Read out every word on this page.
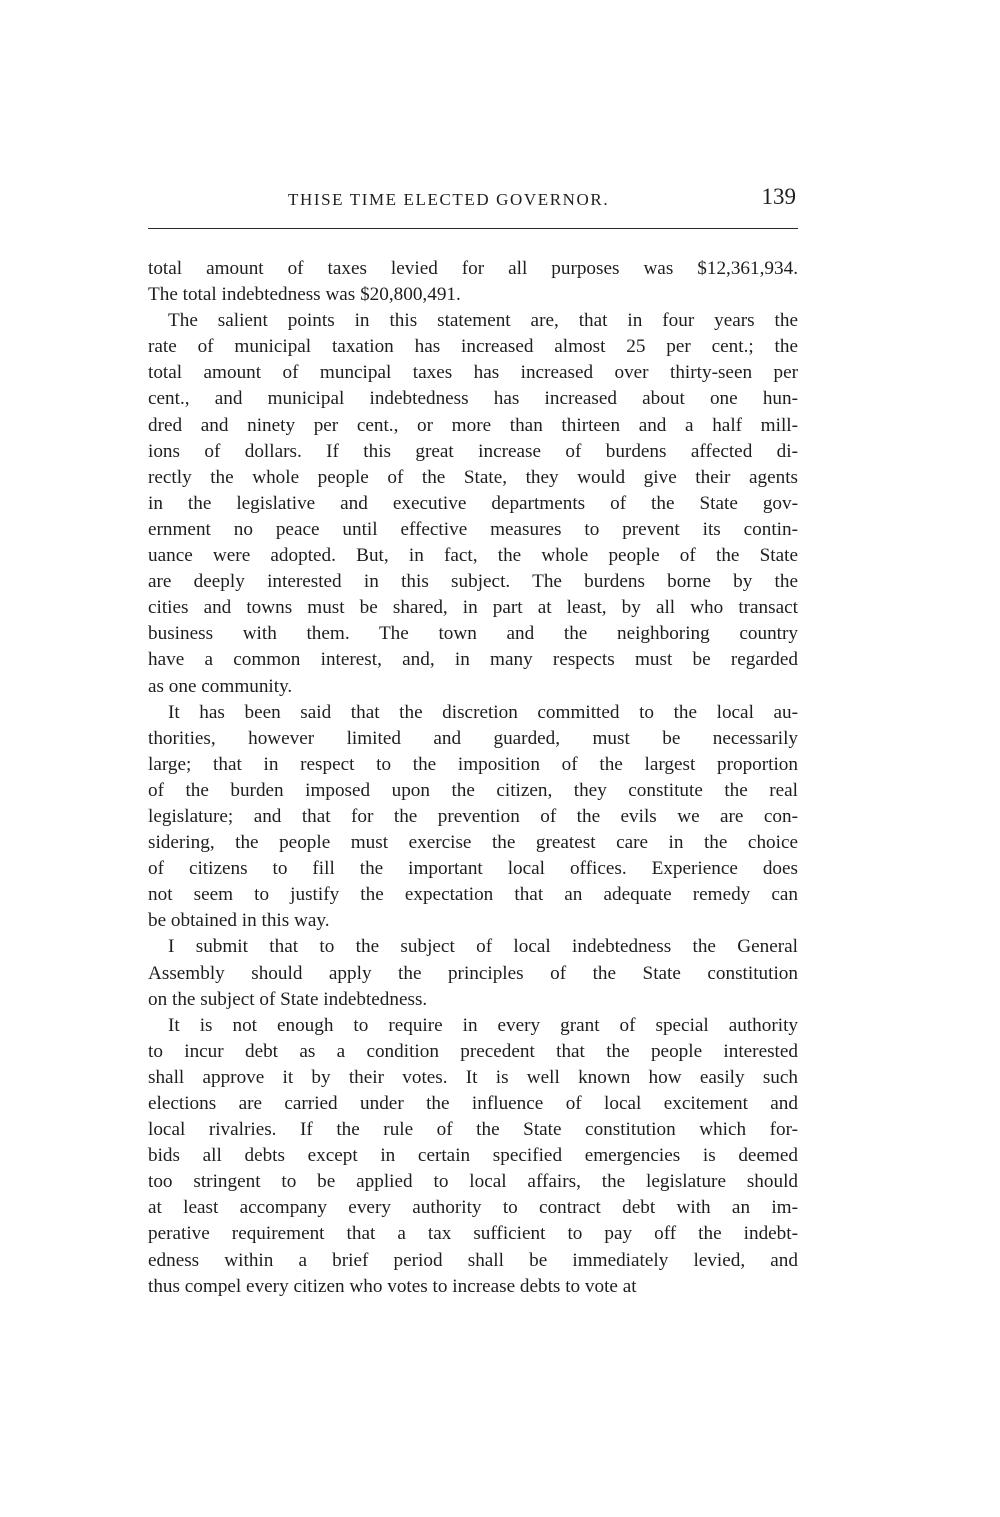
THISE TIME ELECTED GOVERNOR.	139
total amount of taxes levied for all purposes was $12,361,934.
The total indebtedness was $20,800,491.
The salient points in this statement are, that in four years the
rate of municipal taxation has increased almost 25 per cent.; the
total amount of muncipal taxes has increased over thirty-seen per
cent., and municipal indebtedness has increased about one hun-
dred and ninety per cent., or more than thirteen and a half mill-
ions of dollars. If this great increase of burdens affected di-
rectly the whole people of the State, they would give their agents
in the legislative and executive departments of the State gov-
ernment no peace until effective measures to prevent its contin-
uance were adopted. But, in fact, the whole people of the State
are deeply interested in this subject. The burdens borne by the
cities and towns must be shared, in part at least, by all who transact
business with them. The town and the neighboring country
have a common interest, and, in many respects must be regarded
as one community.
It has been said that the discretion committed to the local au-
thorities, however limited and guarded, must be necessarily
large; that in respect to the imposition of the largest proportion
of the burden imposed upon the citizen, they constitute the real
legislature; and that for the prevention of the evils we are con-
sidering, the people must exercise the greatest care in the choice
of citizens to fill the important local offices. Experience does
not seem to justify the expectation that an adequate remedy can
be obtained in this way.
I submit that to the subject of local indebtedness the General
Assembly should apply the principles of the State constitution
on the subject of State indebtedness.
It is not enough to require in every grant of special authority
to incur debt as a condition precedent that the people interested
shall approve it by their votes. It is well known how easily such
elections are carried under the influence of local excitement and
local rivalries. If the rule of the State constitution which for-
bids all debts except in certain specified emergencies is deemed
too stringent to be applied to local affairs, the legislature should
at least accompany every authority to contract debt with an im-
perative requirement that a tax sufficient to pay off the indebt-
edness within a brief period shall be immediately levied, and
thus compel every citizen who votes to increase debts to vote at
